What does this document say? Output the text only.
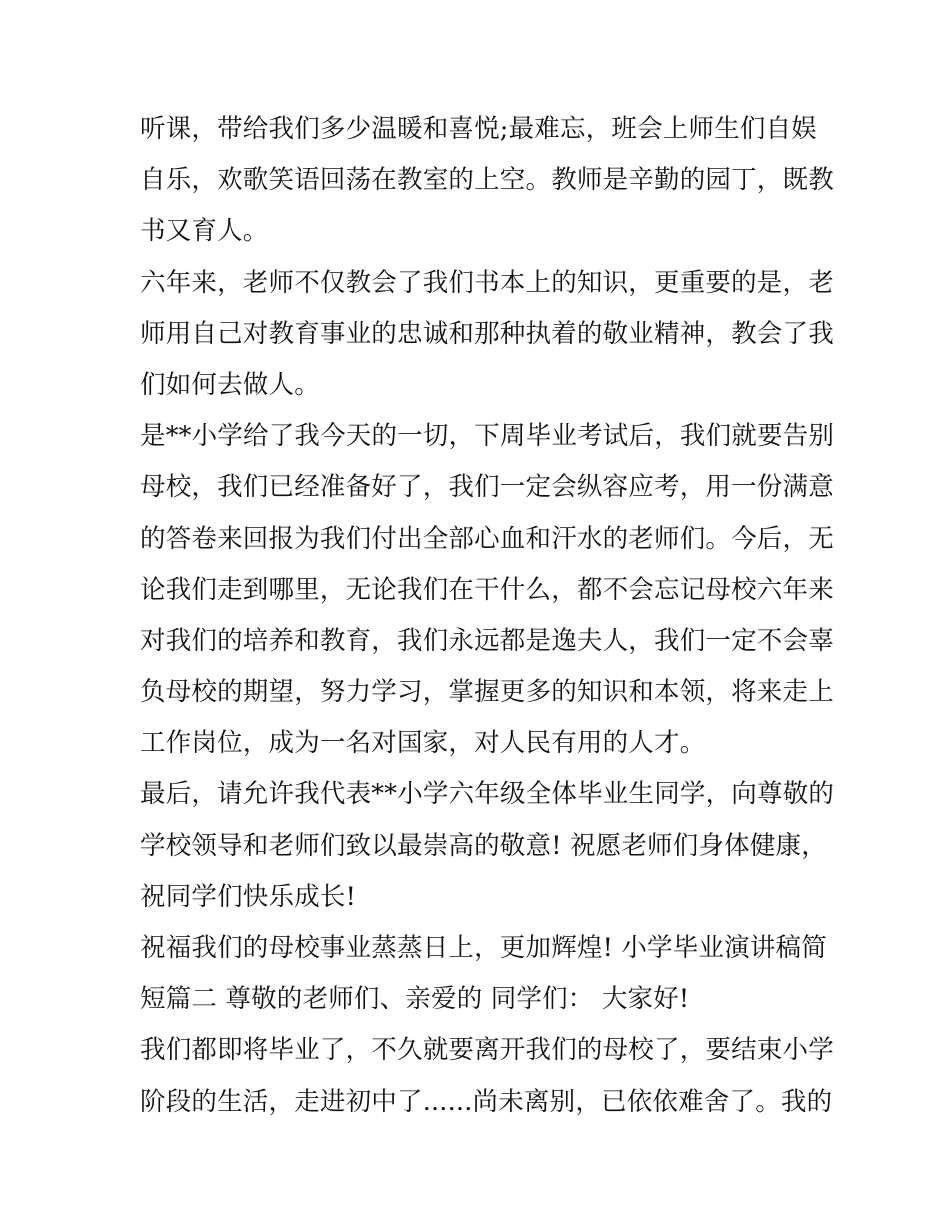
听课，带给我们多少温暖和喜悦;最难忘，班会上师生们自娱
自乐，欢歌笑语回荡在教室的上空。教师是辛勤的园丁，既教
书又育人。
六年来，老师不仅教会了我们书本上的知识，更重要的是，老
师用自己对教育事业的忠诚和那种执着的敬业精神，教会了我
们如何去做人。
是**小学给了我今天的一切，下周毕业考试后，我们就要告别
母校，我们已经准备好了，我们一定会纵容应考，用一份满意
的答卷来回报为我们付出全部心血和汗水的老师们。今后，无
论我们走到哪里，无论我们在干什么，都不会忘记母校六年来
对我们的培养和教育，我们永远都是逸夫人，我们一定不会辜
负母校的期望，努力学习，掌握更多的知识和本领，将来走上
工作岗位，成为一名对国家，对人民有用的人才。
最后，请允许我代表**小学六年级全体毕业生同学，向尊敬的
学校领导和老师们致以最崇高的敬意! 祝愿老师们身体健康，
祝同学们快乐成长!
祝福我们的母校事业蒸蒸日上，更加辉煌! 小学毕业演讲稿简
短篇二 尊敬的老师们、亲爱的 同学们： 大家好!
我们都即将毕业了，不久就要离开我们的母校了，要结束小学
阶段的生活，走进初中了......尚未离别，已依依难舍了。我的
